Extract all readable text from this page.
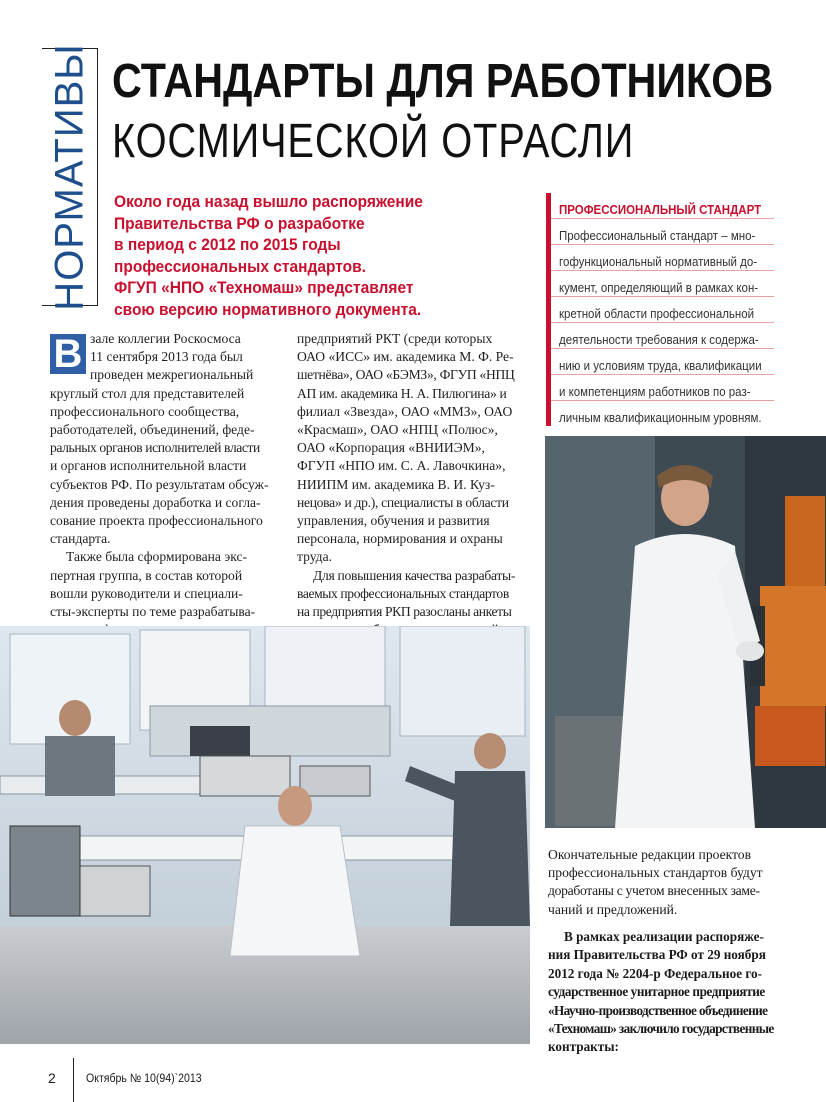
НОРМАТИВЫ СТАНДАРТЫ ДЛЯ РАБОТНИКОВ
КОСМИЧЕСКОЙ ОТРАСЛИ
Около года назад вышло распоряжение
Правительства РФ о разработке
в период с 2012 по 2015 годы
профессиональных стандартов.
ФГУП «НПО «Техномаш» представляет
свою версию нормативного документа.
ПРОФЕССИОНАЛЬНЫЙ СТАНДАРТ
Профессиональный стандарт – мно-
гофункциональный нормативный до-
кумент, определяющий в рамках кон-
кретной области профессиональной
деятельности требования к содержа-
нию и условиям труда, квалификации
и компетенциям работников по раз-
личным квалификационным уровням.
В зале коллегии Роскосмоса
11 сентября 2013 года был
проведен межрегиональный
круглый стол для представителей
профессионального сообщества,
работодателей, объединений, феде-
ральных органов исполнителей власти
и органов исполнительной власти
субъектов РФ. По результатам обсуж-
дения проведены доработка и согла-
сование проекта профессионального
стандарта.
Также была сформирована экс-
пертная группа, в состав которой
вошли руководители и специали-
сты-эксперты по теме разрабатыва-
предприятий РКТ (среди которых
ОАО «ИСС» им. академика М. Ф. Ре-
шетнёва», ОАО «БЭМЗ», ФГУП «НПЦ
АП им. академика Н. А. Пилюгина» и
филиал «Звезда», ОАО «ММЗ», ОАО
«Красмаш», ОАО «НПЦ «Полюс»,
ОАО «Корпорация «ВНИИЭМ»,
ФГУП «НПО им. С. А. Лавочкина»,
НИИПМ им. академика В. И. Куз-
нецова» и др.), специалисты в области
управления, обучения и развития
персонала, нормирования и охраны
труда.
Для повышения качества разрабаты-
ваемых профессиональных стандартов
на предприятия РКП разосланы анкеты
Окончательные редакции проектов
профессиональных стандартов будут
доработаны с учетом внесенных заме-
чаний и предложений.
В рамках реализации распоряже-
ния Правительства РФ от 29 ноября
2012 года № 2204-р Федеральное го-
сударственное унитарное предприятие
«Научно-производственное объединение
«Техномаш» заключило государственные
контракты:
2	Октябрь № 10(94)`2013
